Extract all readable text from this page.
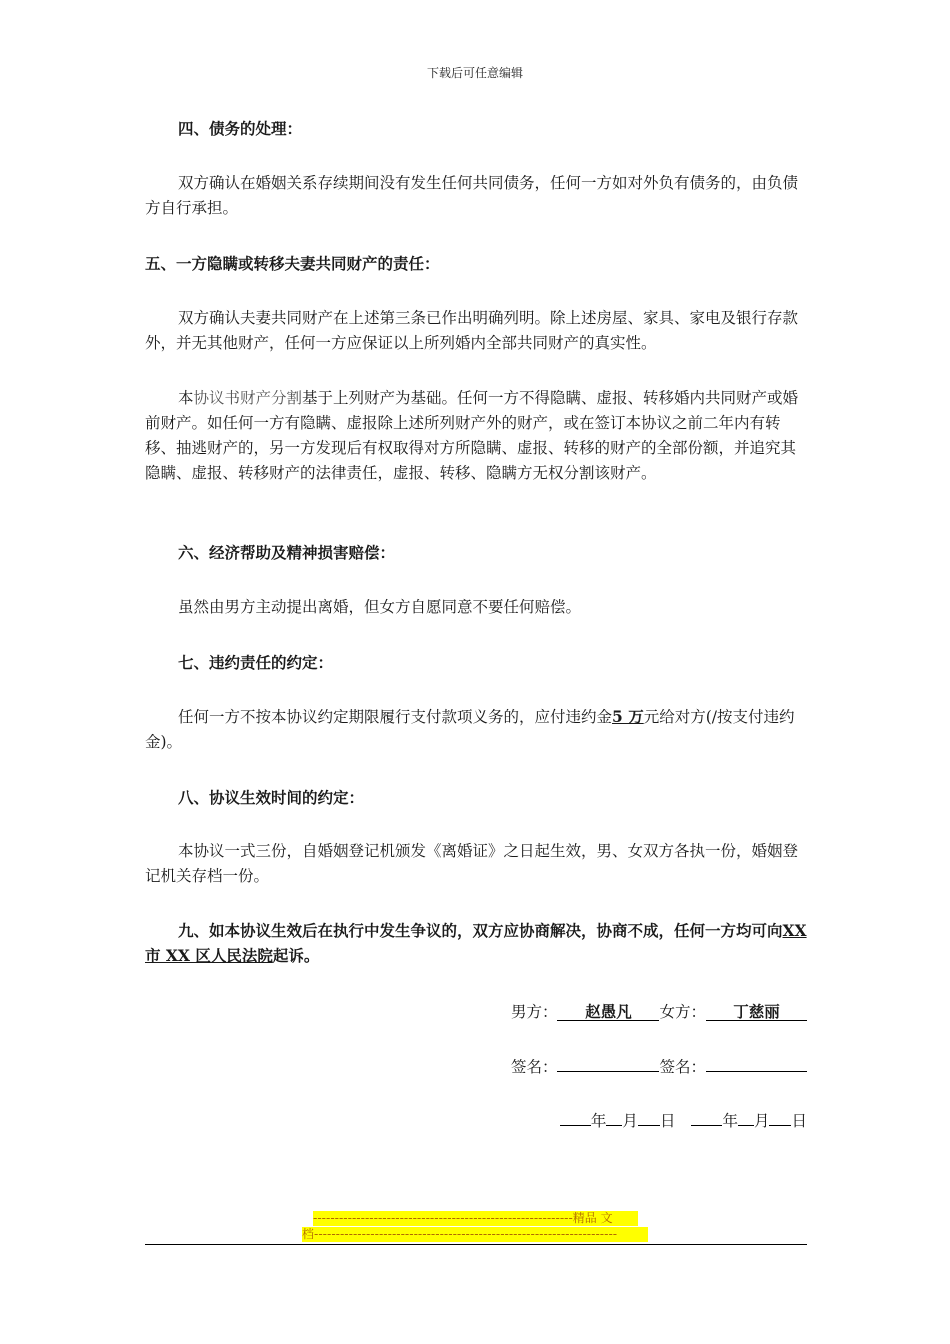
下载后可任意编辑
四、债务的处理：
双方确认在婚姻关系存续期间没有发生任何共同债务，任何一方如对外负有债务的，由负债方自行承担。
五、一方隐瞒或转移夫妻共同财产的责任：
双方确认夫妻共同财产在上述第三条已作出明确列明。除上述房屋、家具、家电及银行存款外，并无其他财产，任何一方应保证以上所列婚内全部共同财产的真实性。
本协议书财产分割基于上列财产为基础。任何一方不得隐瞒、虚报、转移婚内共同财产或婚前财产。如任何一方有隐瞒、虚报除上述所列财产外的财产，或在签订本协议之前二年内有转移、抽逃财产的，另一方发现后有权取得对方所隐瞒、虚报、转移的财产的全部份额，并追究其隐瞒、虚报、转移财产的法律责任，虚报、转移、隐瞒方无权分割该财产。
六、经济帮助及精神损害赔偿：
虽然由男方主动提出离婚，但女方自愿同意不要任何赔偿。
七、违约责任的约定：
任何一方不按本协议约定期限履行支付款项义务的，应付违约金5 万元给对方(/按支付违约金)。
八、协议生效时间的约定：
本协议一式三份，自婚姻登记机颁发《离婚证》之日起生效，男、女双方各执一份，婚姻登记机关存档一份。
九、如本协议生效后在执行中发生争议的，双方应协商解决，协商不成，任何一方均可向XX 市 XX 区人民法院起诉。
男方： 赵愚凡 女方： 丁慈丽
签名：	签名：
年 月 日	年 月 日
------------------------------------------------------------精品 文
档----------------------------------------------------------------------
